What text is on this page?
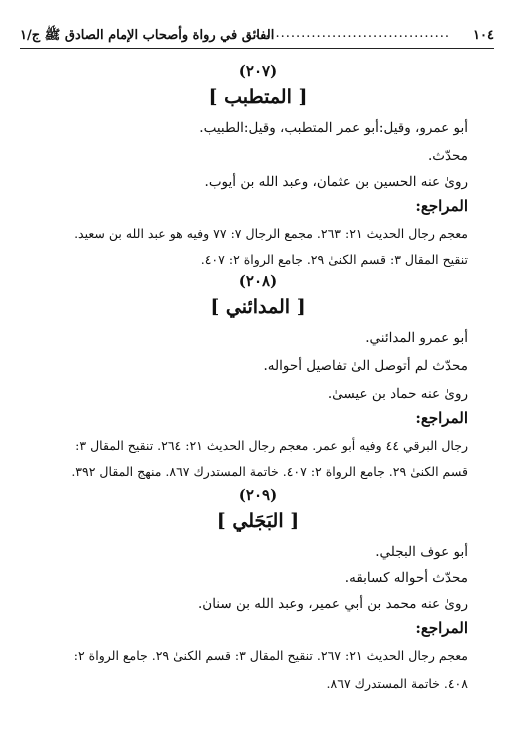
١٠٤
......................................
الفائق في رواة وأصحاب الإمام الصادق ﷺ ج/١
(٢٠٧)
[ المتطبب ]
أبو عمرو، وقيل:أبو عمر المتطبب، وقيل:الطبيب.
محدّث.
رویٰ عنه الحسین بن عثمان، وعبد الله بن أیوب.
المراجع:
معجم رجال الحديث ٢١: ٢٦٣. مجمع الرجال ٧: ٧٧ وفيه هو عبد الله بن سعيد.
تنقيح المقال ٣: قسم الكنىٰ ٢٩. جامع الرواة ٢: ٤٠٧.
(٢٠٨)
[ المدائني ]
أبو عمرو المدائني.
محدّث لم أتوصل الىٰ تفاصيل أحواله.
رویٰ عنه حماد بن عیسیٰ.
المراجع:
رجال البرقي ٤٤ وفيه أبو عمر. معجم رجال الحديث ٢١: ٢٦٤. تنقيح المقال ٣:
قسم الكنىٰ ٢٩. جامع الرواة ٢: ٤٠٧. خاتمة المستدرك ٨٦٧. منهج المقال ٣٩٢.
(٢٠٩)
[ البَجَلي ]
أبو عوف البجلي.
محدّث أحواله كسابقه.
رویٰ عنه محمد بن أبي عمیر، وعبد الله بن سنان.
المراجع:
معجم رجال الحديث ٢١: ٢٦٧. تنقيح المقال ٣: قسم الكنىٰ ٢٩. جامع الرواة ٢:
٤٠٨. خاتمة المستدرك ٨٦٧.
